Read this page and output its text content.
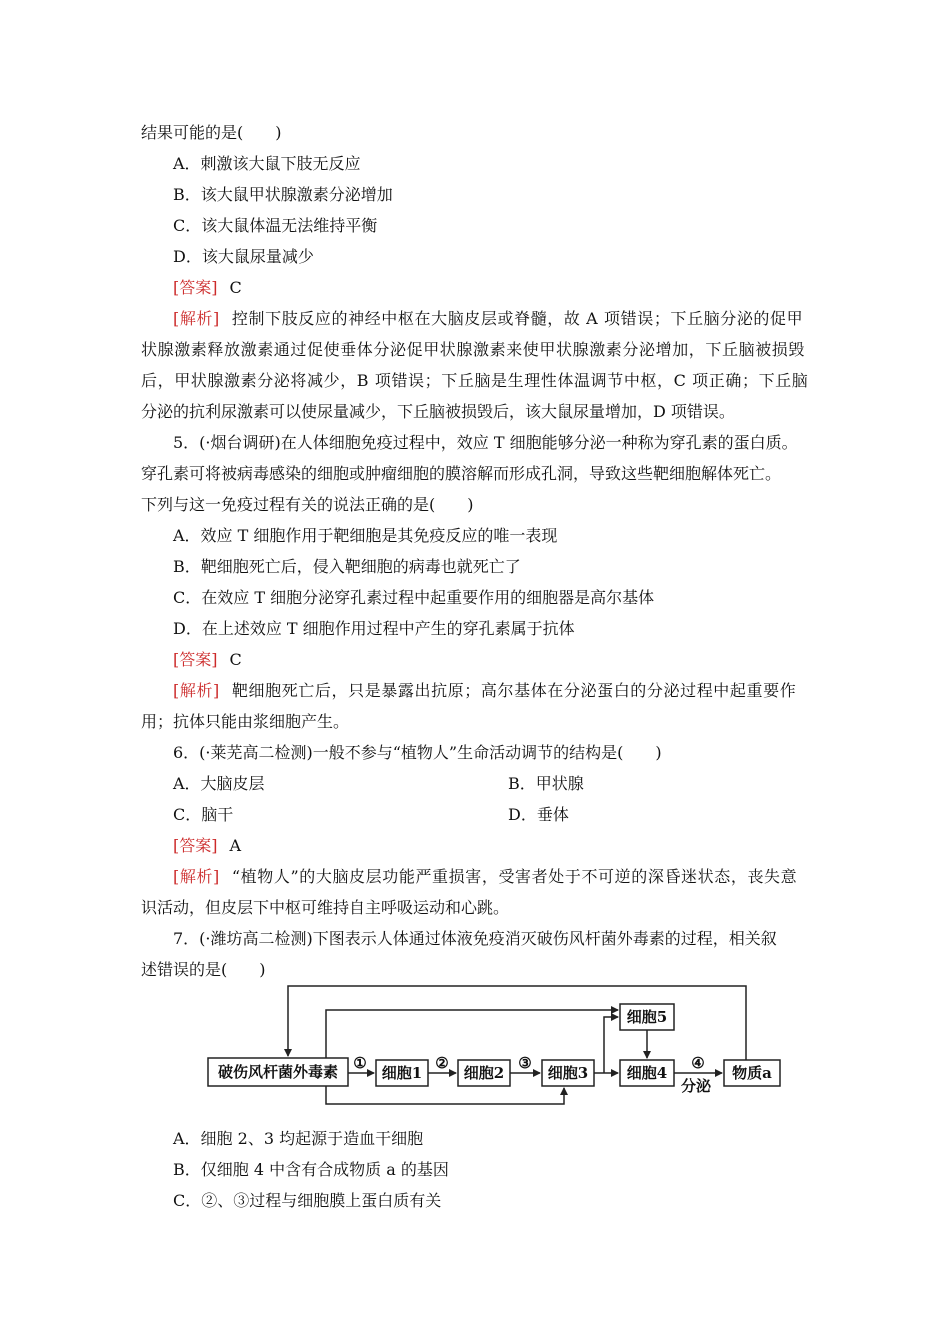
结果可能的是(　　)
A．刺激该大鼠下肢无反应
B．该大鼠甲状腺激素分泌增加
C．该大鼠体温无法维持平衡
D．该大鼠尿量减少
[答案] C
[解析] 控制下肢反应的神经中枢在大脑皮层或脊髓，故 A 项错误；下丘脑分泌的促甲
状腺激素释放激素通过促使垂体分泌促甲状腺激素来使甲状腺激素分泌增加，下丘脑被损毁
后，甲状腺激素分泌将减少，B 项错误；下丘脑是生理性体温调节中枢，C 项正确；下丘脑
分泌的抗利尿激素可以使尿量减少，下丘脑被损毁后，该大鼠尿量增加，D 项错误。
5．(·烟台调研)在人体细胞免疫过程中，效应 T 细胞能够分泌一种称为穿孔素的蛋白质。
穿孔素可将被病毒感染的细胞或肿瘤细胞的膜溶解而形成孔洞，导致这些靶细胞解体死亡。
下列与这一免疫过程有关的说法正确的是(　　)
A．效应 T 细胞作用于靶细胞是其免疫反应的唯一表现
B．靶细胞死亡后，侵入靶细胞的病毒也就死亡了
C．在效应 T 细胞分泌穿孔素过程中起重要作用的细胞器是高尔基体
D．在上述效应 T 细胞作用过程中产生的穿孔素属于抗体
[答案] C
[解析] 靶细胞死亡后，只是暴露出抗原；高尔基体在分泌蛋白的分泌过程中起重要作
用；抗体只能由浆细胞产生。
6．(·莱芜高二检测)一般不参与“植物人”生命活动调节的结构是(　　)
A．大脑皮层	B．甲状腺
C．脑干	D．垂体
[答案] A
[解析] “植物人”的大脑皮层功能严重损害，受害者处于不可逆的深昏迷状态，丧失意
识活动，但皮层下中枢可维持自主呼吸运动和心跳。
7．(·潍坊高二检测)下图表示人体通过体液免疫消灭破伤风杆菌外毒素的过程，相关叙
述错误的是(　　)
破伤风杆菌外毒素	细胞1	细胞2	细胞3	细胞4
细胞5
物质a
①	②	③	④
分泌
A．细胞 2、3 均起源于造血干细胞
B．仅细胞 4 中含有合成物质 a 的基因
C．②、③过程与细胞膜上蛋白质有关
